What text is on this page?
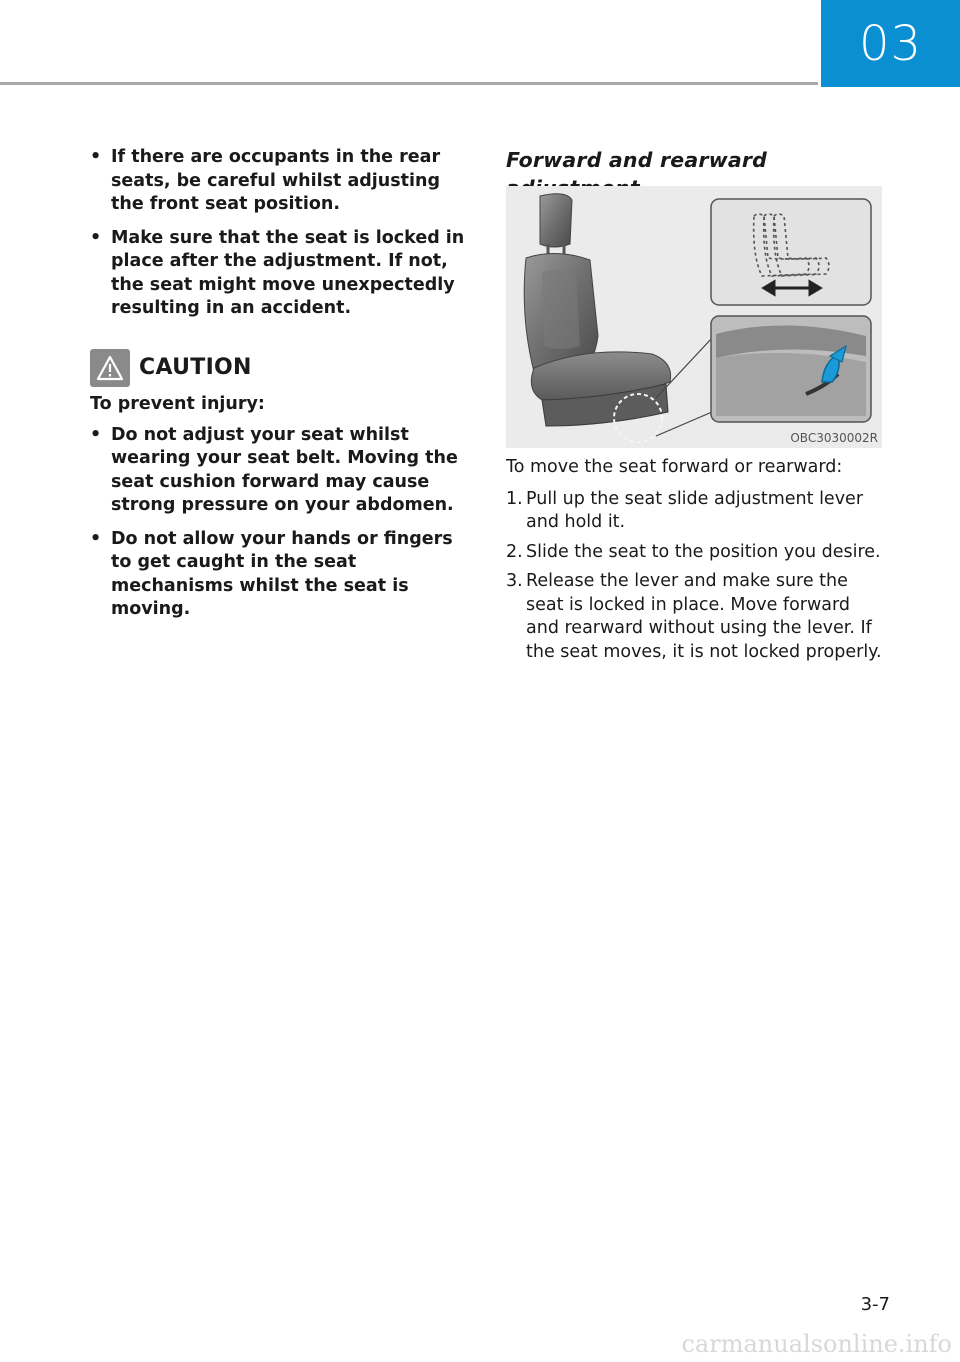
03
• If there are occupants in the rear seats, be careful whilst adjusting the front seat position.
• Make sure that the seat is locked in place after the adjustment. If not, the seat might move unexpectedly resulting in an accident.
CAUTION

To prevent injury:

• Do not adjust your seat whilst wearing your seat belt. Moving the seat cushion forward may cause strong pressure on your abdomen.
• Do not allow your hands or fingers to get caught in the seat mechanisms whilst the seat is moving.
Forward and rearward
OBC3030002R

To move the seat forward or rearward:

1. Pull up the seat slide adjustment lever and hold it.
2. Slide the seat to the position you desire.
3. Release the lever and make sure the seat is locked in place. Move forward and rearward without using the lever. If the seat moves, it is not locked properly.
3-7
carmanualsonline.info
